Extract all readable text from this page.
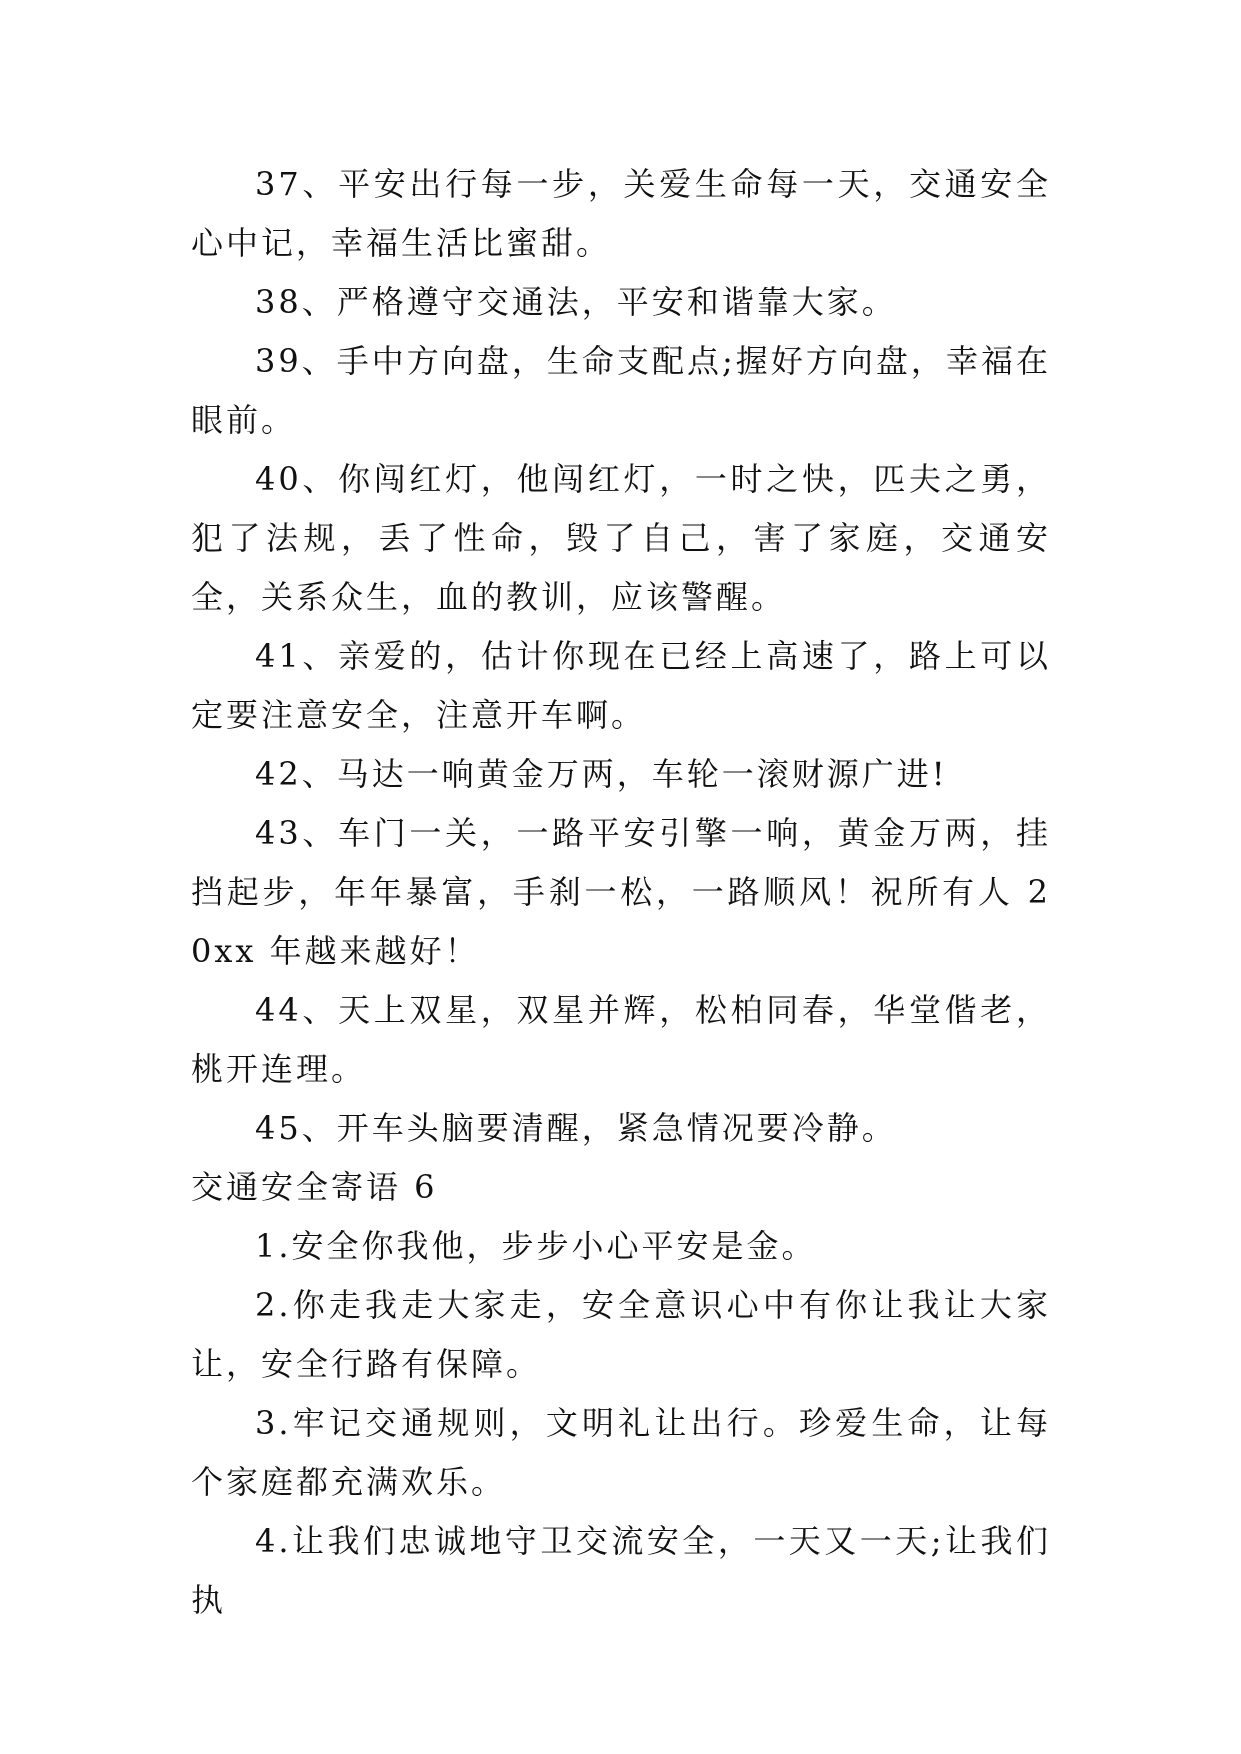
37、平安出行每一步，关爱生命每一天，交通安全心中记，幸福生活比蜜甜。

38、严格遵守交通法，平安和谐靠大家。

39、手中方向盘，生命支配点;握好方向盘，幸福在眼前。

40、你闯红灯，他闯红灯，一时之快，匹夫之勇，犯了法规，丢了性命，毁了自己，害了家庭，交通安全，关系众生，血的教训，应该警醒。

41、亲爱的，估计你现在已经上高速了，路上可以定要注意安全，注意开车啊。

42、马达一响黄金万两，车轮一滚财源广进!

43、车门一关，一路平安引擎一响，黄金万两，挂挡起步，年年暴富，手刹一松，一路顺风！祝所有人 20xx 年越来越好！

44、天上双星，双星并辉，松柏同春，华堂偕老，桃开连理。

45、开车头脑要清醒，紧急情况要冷静。

交通安全寄语 6

1.安全你我他，步步小心平安是金。

2.你走我走大家走，安全意识心中有你让我让大家让，安全行路有保障。

3.牢记交通规则，文明礼让出行。珍爱生命，让每个家庭都充满欢乐。

4.让我们忠诚地守卫交流安全，一天又一天;让我们执
